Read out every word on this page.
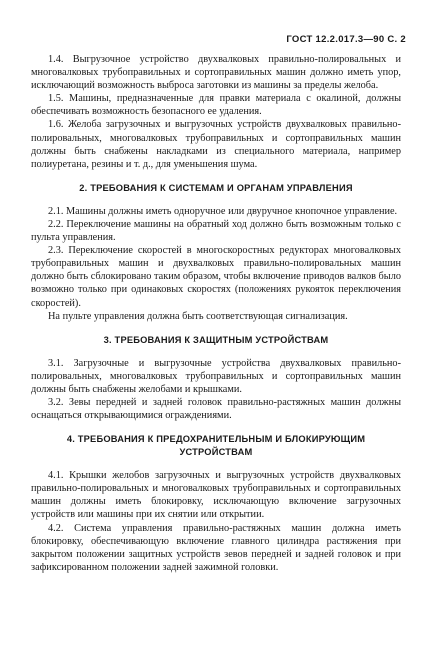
ГОСТ 12.2.017.3—90 С. 2

1.4. Выгрузочное устройство двухвалковых правильно-полировальных и многовалковых трубоправильных и сортоправильных машин должно иметь упор, исключающий возможность выброса заготовки из машины за пределы желоба.

1.5. Машины, предназначенные для правки материала с окалиной, должны обеспечивать возможность безопасного ее удаления.

1.6. Желоба загрузочных и выгрузочных устройств двухвалковых правильно-полировальных, многовалковых трубоправильных и сортоправильных машин должны быть снабжены накладками из специального материала, например полиуретана, резины и т. д., для уменьшения шума.

2. ТРЕБОВАНИЯ К СИСТЕМАМ И ОРГАНАМ УПРАВЛЕНИЯ

2.1. Машины должны иметь одноручное или двуручное кнопочное управление.

2.2. Переключение машины на обратный ход должно быть возможным только с пульта управления.

2.3. Переключение скоростей в многоскоростных редукторах многовалковых трубоправильных машин и двухвалковых правильно-полировальных машин должно быть сблокировано таким образом, чтобы включение приводов валков было возможно только при одинаковых скоростях (положениях рукояток переключения скоростей).

На пульте управления должна быть соответствующая сигнализация.

3. ТРЕБОВАНИЯ К ЗАЩИТНЫМ УСТРОЙСТВАМ

3.1. Загрузочные и выгрузочные устройства двухвалковых правильно-полировальных, многовалковых трубоправильных и сортоправильных машин должны быть снабжены желобами и крышками.

3.2. Зевы передней и задней головок правильно-растяжных машин должны оснащаться открывающимися ограждениями.

4. ТРЕБОВАНИЯ К ПРЕДОХРАНИТЕЛЬНЫМ И БЛОКИРУЮЩИМ УСТРОЙСТВАМ

4.1. Крышки желобов загрузочных и выгрузочных устройств двухвалковых правильно-полировальных и многовалковых трубоправильных и сортоправильных машин должны иметь блокировку, исключающую включение загрузочных устройств или машины при их снятии или открытии.

4.2. Система управления правильно-растяжных машин должна иметь блокировку, обеспечивающую включение главного цилиндра растяжения при закрытом положении защитных устройств зевов передней и задней головок и при зафиксированном положении задней зажимной головки.
